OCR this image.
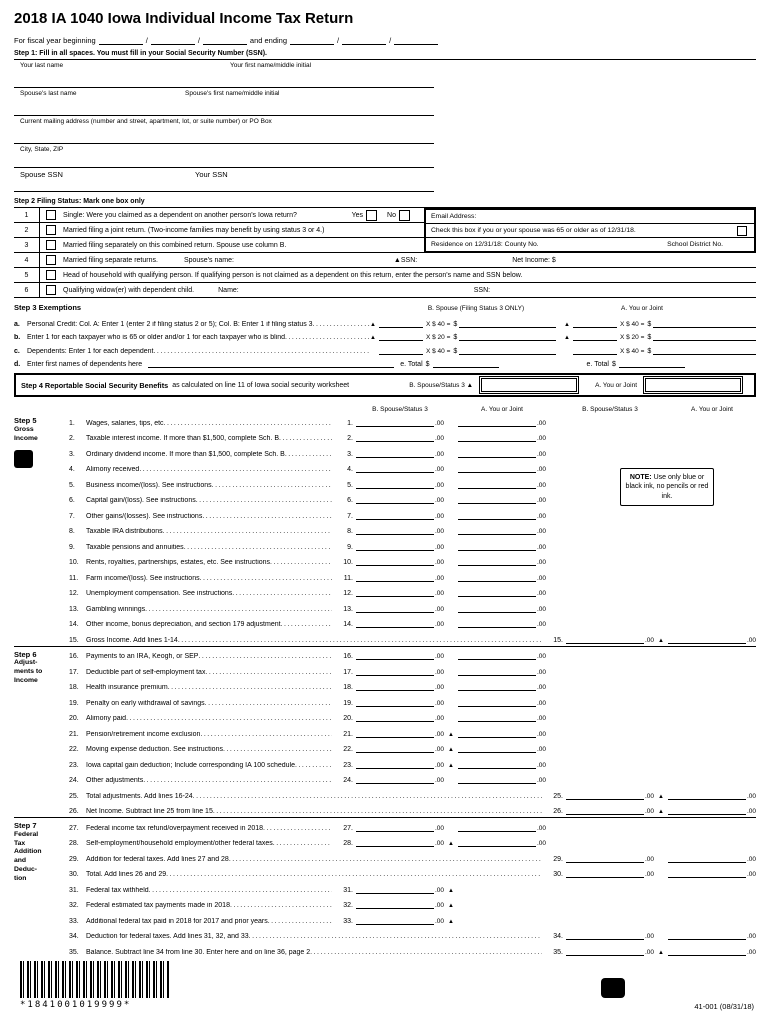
2018 IA 1040 Iowa Individual Income Tax Return
For fiscal year beginning	/	/	and ending	/	/
Step 1: Fill in all spaces. You must fill in your Social Security Number (SSN).
Your last name	Your first name/middle initial
Spouse's last name	Spouse's first name/middle initial
Current mailing address (number and street, apartment, lot, or suite number) or PO Box
City, State, ZIP
Spouse SSN	Your SSN
Step 2 Filing Status: Mark one box only
Email Address:
Check this box if you or your spouse was 65 or older as of 12/31/18.
Residence on 12/31/18: County No.	School District No.
1	Single: Were you claimed as a dependent on another person's Iowa return?	Yes	No
2	Married filing a joint return. (Two-income families may benefit by using status 3 or 4.)
3	Married filing separately on this combined return. Spouse use column B.
4	Married filing separate returns.	Spouse's name:	▲SSN:	Net Income: $
5	Head of household with qualifying person. If qualifying person is not claimed as a dependent on this return, enter the person's name and SSN below.
6	Qualifying widow(er) with dependent child.	Name:	SSN:
Step 3 Exemptions	B. Spouse (Filing Status 3 ONLY)	A. You or Joint
a.	Personal Credit: Col. A: Enter 1 (enter 2 if filing status 2 or 5); Col. B: Enter 1 if filing status 3 .....	▲	X $ 40 = $	▲	X $ 40 = $
b. Enter 1 for each taxpayer who is 65 or older and/or 1 for each taxpayer who is blind .....	▲	X $ 20 = $	▲	X $ 20 = $
c.	Dependents: Enter 1 for each dependent .....	X $ 40 = $	X $ 40 = $
d. Enter first names of dependents here	e. Total $	e. Total $
Step 4 Reportable Social Security Benefits as calculated on line 11 of Iowa social security worksheet	B. Spouse/Status 3 ▲	A. You or Joint
B. Spouse/Status 3	A. You or Joint	B. Spouse/Status 3	A. You or Joint
Step 5
Gross
Income
1.	Wages, salaries, tips, etc .....	1.	.00	.00
2.	Taxable interest income. If more than $1,500, complete Sch. B .....	2.	.00	.00
3.	Ordinary dividend income. If more than $1,500, complete Sch. B .....	3.	.00	.00
4.	Alimony received .....	4.	.00	.00
5.	Business income/(loss). See instructions .....	5.	.00	.00
6.	Capital gain/(loss). See instructions .....	6.	.00	.00
7.	Other gains/(losses). See instructions .....	7.	.00	.00
8.	Taxable IRA distributions .....	8.	.00	.00
9.	Taxable pensions and annuities .....	9.	.00	.00
10.	Rents, royalties, partnerships, estates, etc. See instructions .....	10.	.00	.00
11.	Farm income/(loss). See instructions .....	11.	.00	.00
12.	Unemployment compensation. See instructions .....	12.	.00	.00
13.	Gambling winnings .....	13.	.00	.00
14.	Other income, bonus depreciation, and section 179 adjustment .....	14.	.00	.00
15.	Gross Income. Add lines 1-14 .....	15.	.00 ▲	.00
Step 6
Adjust-
ments to
Income
16.	Payments to an IRA, Keogh, or SEP .....	16.	.00	.00
17.	Deductible part of self-employment tax .....	17.	.00	.00
18.	Health insurance premium .....	18.	.00	.00
19.	Penalty on early withdrawal of savings .....	19.	.00	.00
20.	Alimony paid .....	20.	.00	.00
21.	Pension/retirement income exclusion .....	21.	.00 ▲	.00
22.	Moving expense deduction. See instructions .....	22.	.00 ▲	.00
23.	Iowa capital gain deduction; Include corresponding IA 100 schedule .....	23.	.00 ▲	.00
24.	Other adjustments .....	24.	.00	.00
25.	Total adjustments. Add lines 16-24 .....	25.	.00 ▲	.00
26.	Net Income. Subtract line 25 from line 15 .....	26.	.00 ▲	.00
Step 7
Federal
Tax
Addition
and
Deduc-
tion
27.	Federal income tax refund/overpayment received in 2018 .....	27.	.00	.00
28.	Self-employment/household employment/other federal taxes .....	28.	.00 ▲	.00
29.	Addition for federal taxes. Add lines 27 and 28 .....	29.	.00	.00
30.	Total. Add lines 26 and 29 .....	30.	.00	.00
31.	Federal tax withheld .....	31.	.00 ▲
32.	Federal estimated tax payments made in 2018 .....	32.	.00 ▲
33.	Additional federal tax paid in 2018 for 2017 and prior years .....	33.	.00 ▲
34.	Deduction for federal taxes. Add lines 31, 32, and 33 .....	34.	.00	.00
35.	Balance. Subtract line 34 from line 30. Enter here and on line 36, page 2 .....	35.	.00 ▲	.00
NOTE: Use only blue or black ink, no pencils or red ink.
*1841001019999*	41-001 (08/31/18)
